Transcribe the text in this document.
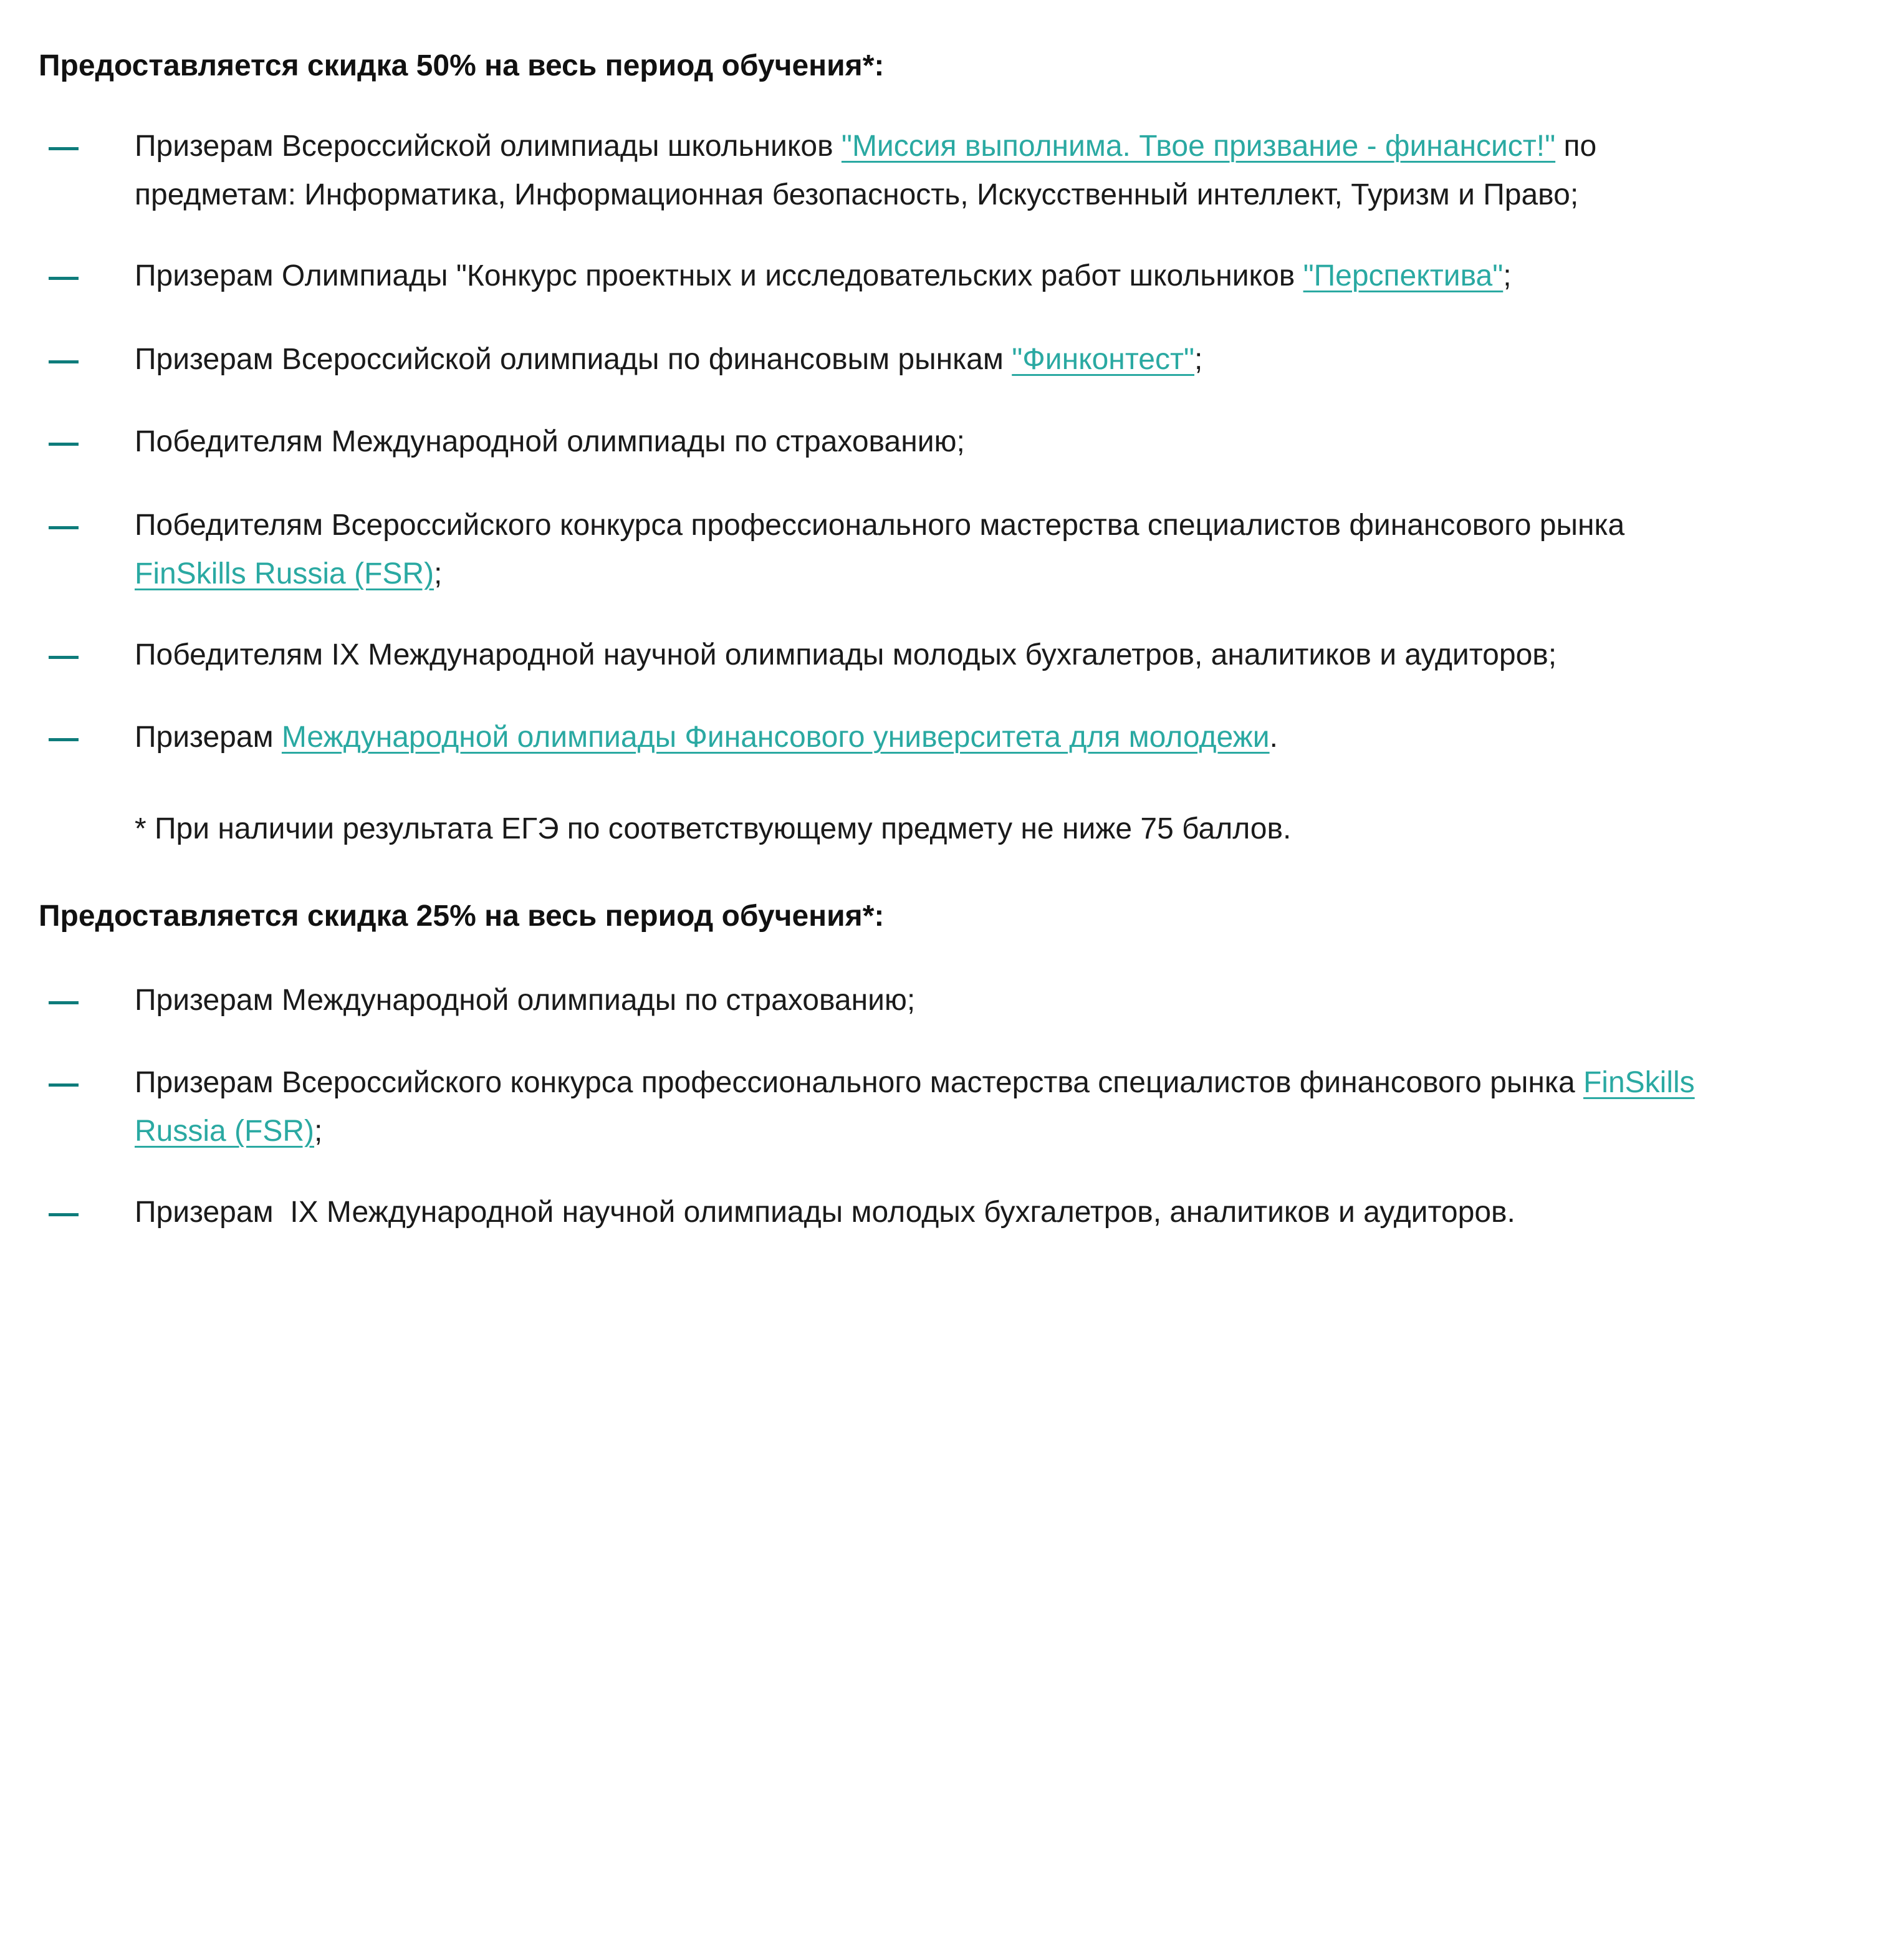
Предоставляется скидка 50% на весь период обучения*:
Призерам Всероссийской олимпиады школьников "Миссия выполнима. Твое призвание - финансист!" по
предметам: Информатика, Информационная безопасность, Искусственный интеллект, Туризм и Право;
Призерам Олимпиады "Конкурс проектных и исследовательских работ школьников "Перспектива";
Призерам Всероссийской олимпиады по финансовым рынкам "Финконтест";
Победителям Международной олимпиады по страхованию;
Победителям Всероссийского конкурса профессионального мастерства специалистов финансового рынка
FinSkills Russia (FSR);
Победителям IX Международной научной олимпиады молодых бухгалетров, аналитиков и аудиторов;
Призерам Международной олимпиады Финансового университета для молодежи.
* При наличии результата ЕГЭ по соответствующему предмету не ниже 75 баллов.
Предоставляется скидка 25% на весь период обучения*:
Призерам Международной олимпиады по страхованию;
Призерам Всероссийского конкурса профессионального мастерства специалистов финансового рынка FinSkills
Russia (FSR);
Призерам  IX Международной научной олимпиады молодых бухгалетров, аналитиков и аудиторов.
